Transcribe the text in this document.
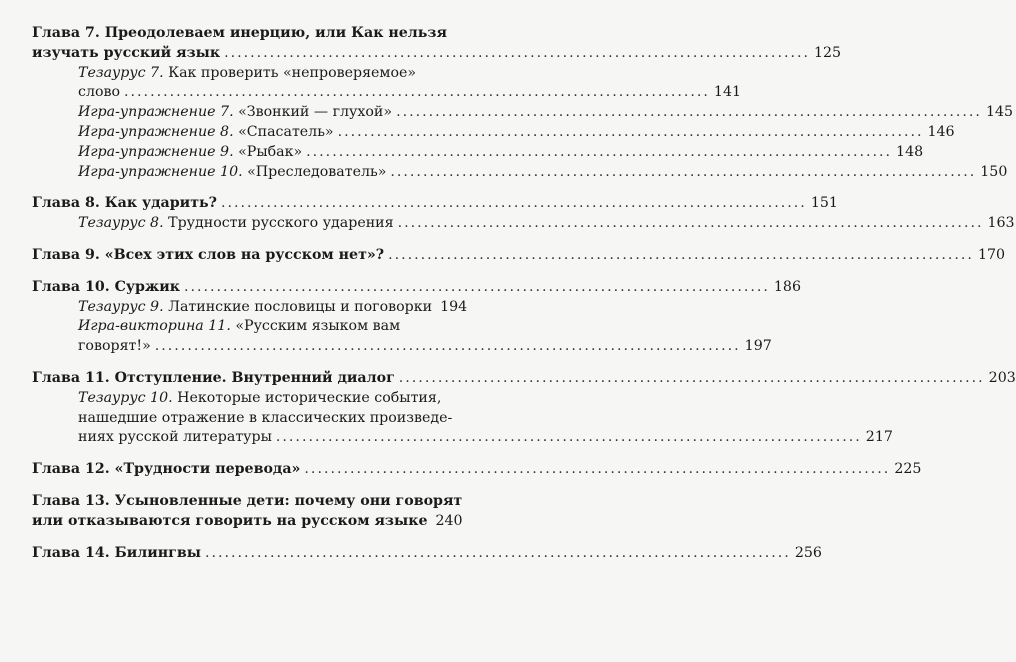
Глава 7. Преодолеваем инерцию, или Как нельзя
изучать русский язык .......................................................................................... 125
Тезаурус 7. Как проверить «непроверяемое»
слово .......................................................................................... 141
Игра-упражнение 7. «Звонкий — глухой» .......................................................................................... 145
Игра-упражнение 8. «Спасатель» .......................................................................................... 146
Игра-упражнение 9. «Рыбак» .......................................................................................... 148
Игра-упражнение 10. «Преследователь» .......................................................................................... 150
Глава 8. Как ударить? .......................................................................................... 151
Тезаурус 8. Трудности русского ударения .......................................................................................... 163
Глава 9. «Всех этих слов на русском нет»? .......................................................................................... 170
Глава 10. Суржик .......................................................................................... 186
Тезаурус 9. Латинские пословицы и поговорки 194
Игра-викторина 11. «Русским языком вам
говорят!» .......................................................................................... 197
Глава 11. Отступление. Внутренний диалог .......................................................................................... 203
Тезаурус 10. Некоторые исторические события,
нашедшие отражение в классических произведе-
ниях русской литературы .......................................................................................... 217
Глава 12. «Трудности перевода» .......................................................................................... 225
Глава 13. Усыновленные дети: почему они говорят
или отказываются говорить на русском языке 240
Глава 14. Билингвы .......................................................................................... 256
